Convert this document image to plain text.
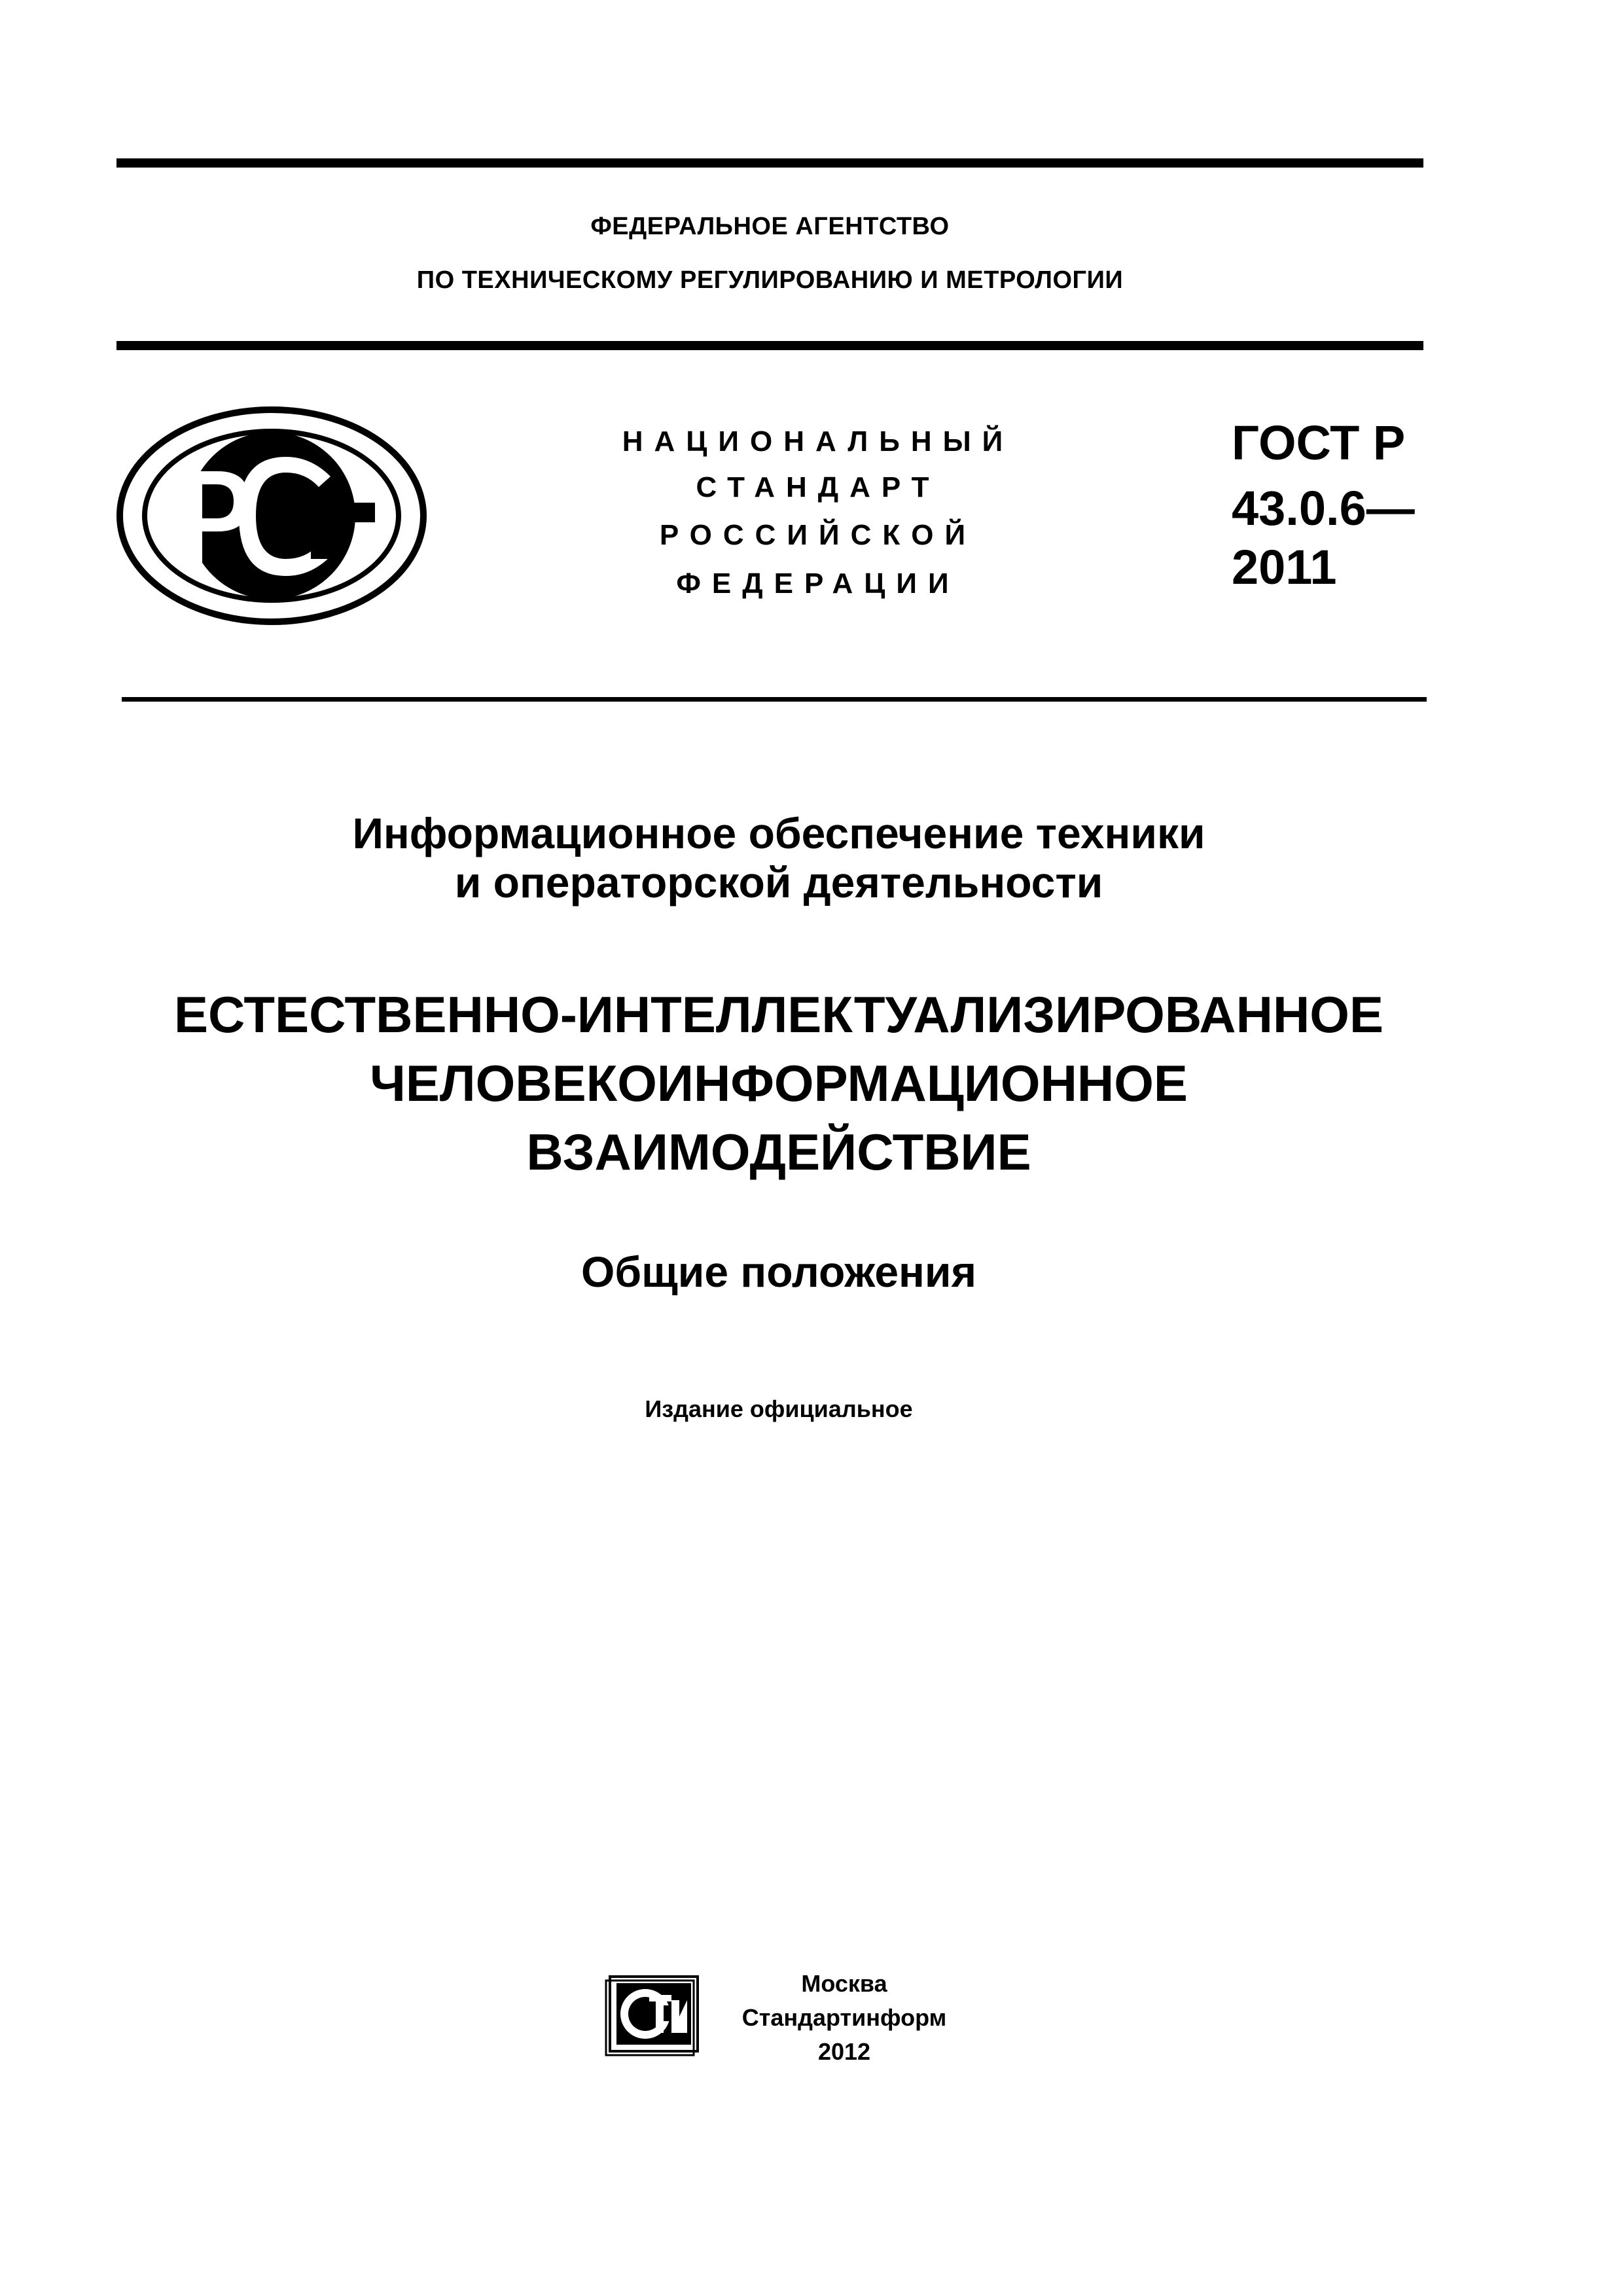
ФЕДЕРАЛЬНОЕ АГЕНТСТВО
ПО ТЕХНИЧЕСКОМУ РЕГУЛИРОВАНИЮ И МЕТРОЛОГИИ
НАЦИОНАЛЬНЫЙ
СТАНДАРТ
РОССИЙСКОЙ
ФЕДЕРАЦИИ
ГОСТ Р
43.0.6—
2011
Информационное обеспечение техники
и операторской деятельности
ЕСТЕСТВЕННО-ИНТЕЛЛЕКТУАЛИЗИРОВАННОЕ
ЧЕЛОВЕКОИНФОРМАЦИОННОЕ
ВЗАИМОДЕЙСТВИЕ
Общие положения
Издание официальное
Москва
Стандартинформ
2012
